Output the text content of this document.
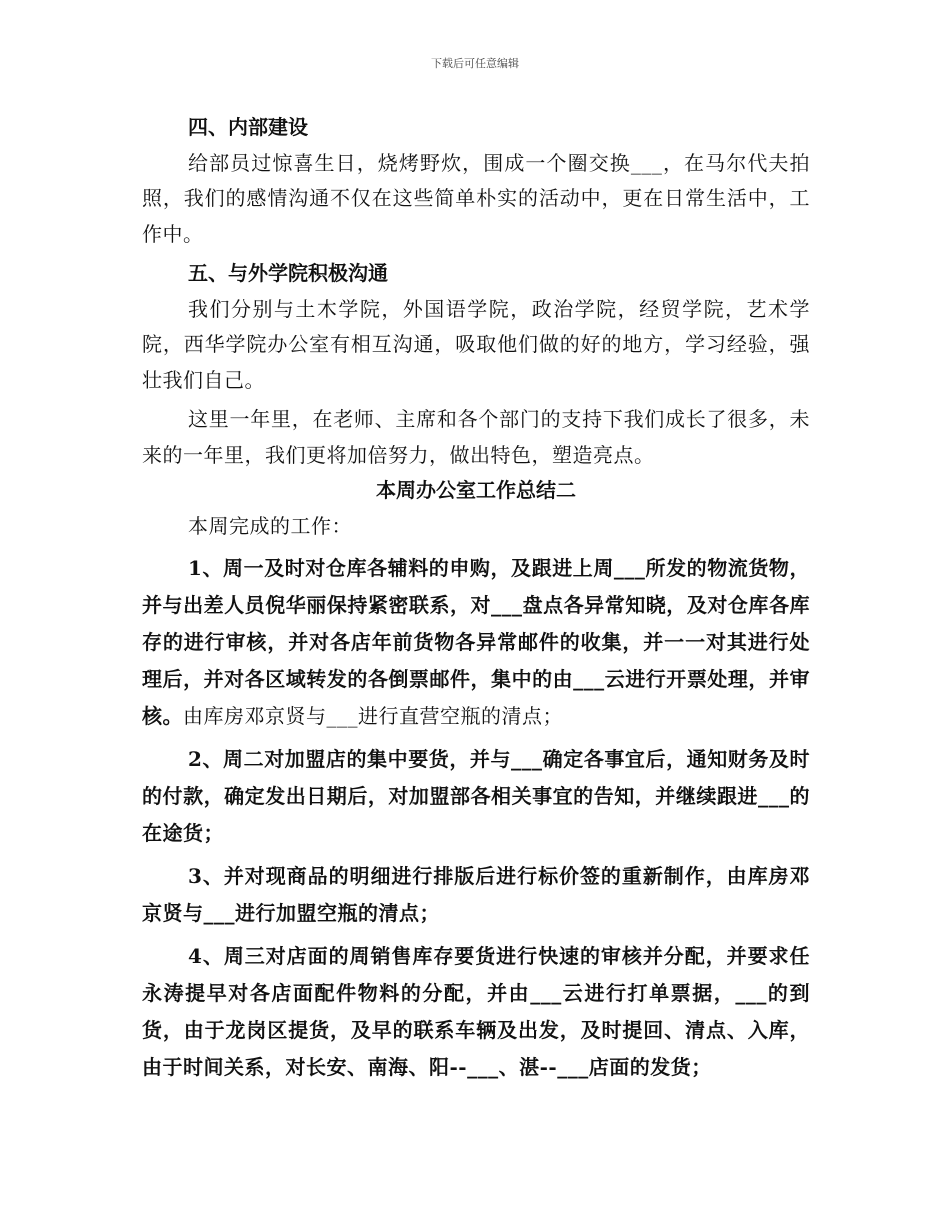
下载后可任意编辑

四、内部建设

给部员过惊喜生日，烧烤野炊，围成一个圈交换___，在马尔代夫拍照，我们的感情沟通不仅在这些简单朴实的活动中，更在日常生活中，工作中。

五、与外学院积极沟通

我们分别与土木学院，外国语学院，政治学院，经贸学院，艺术学院，西华学院办公室有相互沟通，吸取他们做的好的地方，学习经验，强壮我们自己。

这里一年里，在老师、主席和各个部门的支持下我们成长了很多，未来的一年里，我们更将加倍努力，做出特色，塑造亮点。

本周办公室工作总结二

本周完成的工作：

1、周一及时对仓库各辅料的申购，及跟进上周___所发的物流货物，并与出差人员倪华丽保持紧密联系，对___盘点各异常知晓，及对仓库各库存的进行审核，并对各店年前货物各异常邮件的收集，并一一对其进行处理后，并对各区域转发的各倒票邮件，集中的由___云进行开票处理，并审核。由库房邓京贤与___进行直营空瓶的清点；

2、周二对加盟店的集中要货，并与___确定各事宜后，通知财务及时的付款，确定发出日期后，对加盟部各相关事宜的告知，并继续跟进___的在途货；

3、并对现商品的明细进行排版后进行标价签的重新制作，由库房邓京贤与___进行加盟空瓶的清点；

4、周三对店面的周销售库存要货进行快速的审核并分配，并要求任永涛提早对各店面配件物料的分配，并由___云进行打单票据，___的到货，由于龙岗区提货，及早的联系车辆及出发，及时提回、清点、入库，由于时间关系，对长安、南海、阳--___、湛--___店面的发货；
